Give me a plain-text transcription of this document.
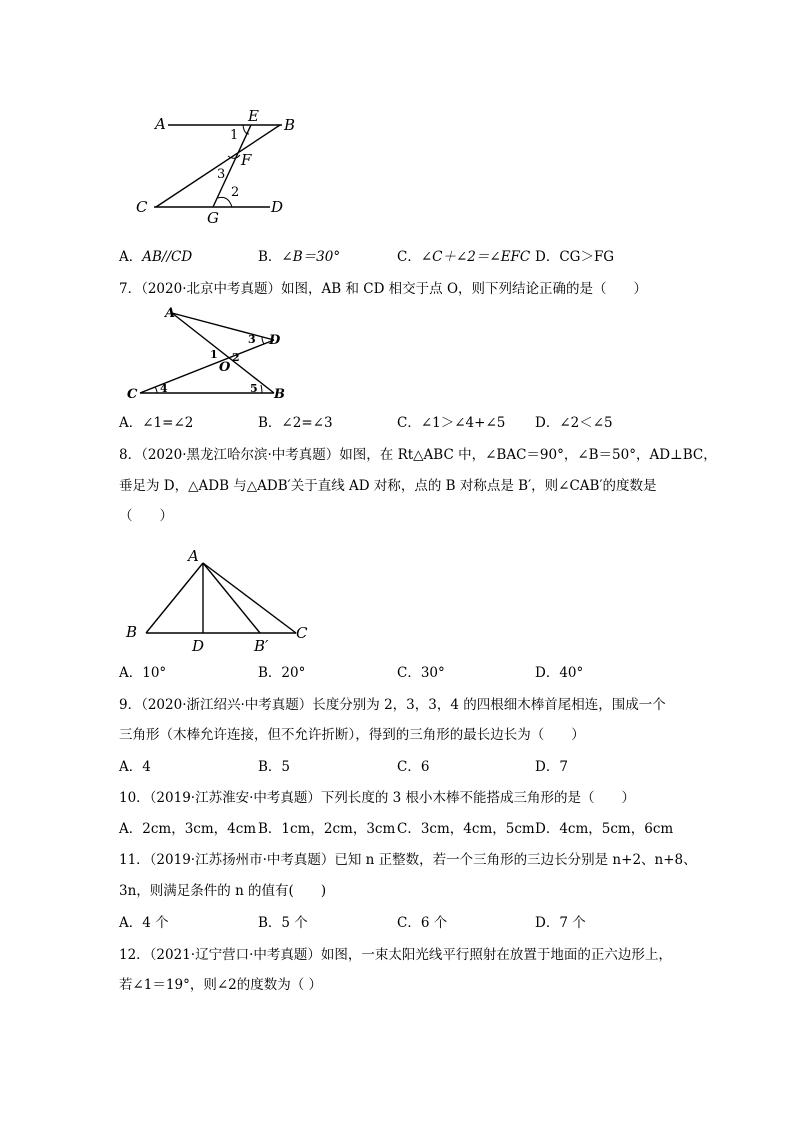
A	E B
1
F
3
2
C
G
D
A．AB//CD	B．∠B＝30°	C．∠C＋∠2＝∠EFC D．CG＞FG
7．（2020·北京中考真题）如图，AB 和 CD 相交于点 O，则下列结论正确的是（　　）
A
D
3
1 2
O
C 4	5 B
A．∠1=∠2	B．∠2=∠3	C．∠1＞∠4+∠5 D．∠2＜∠5
8．（2020·黑龙江哈尔滨·中考真题）如图，在 Rt△ABC 中，∠BAC＝90°，∠B＝50°，AD⊥BC，
垂足为 D，△ADB 与△ADB′关于直线 AD 对称，点的 B 对称点是 B′，则∠CAB′的度数是
（　　）
A
B
D	B′
C
A．10°	B．20°	C．30°	D．40°
9．（2020·浙江绍兴·中考真题）长度分别为 2，3，3，4 的四根细木棒首尾相连，围成一个
三角形（木棒允许连接，但不允许折断），得到的三角形的最长边长为（　　）
A．4	B．5	C．6	D．7
10．（2019·江苏淮安·中考真题）下列长度的 3 根小木棒不能搭成三角形的是（　　）
A．2cm，3cm，4cm B．1cm，2cm，3cm C．3cm，4cm，5cm D．4cm，5cm，6cm
11．（2019·江苏扬州市·中考真题）已知 n 正整数，若一个三角形的三边长分别是 n+2、n+8、
3n，则满足条件的 n 的值有(　　)
A．4 个	B．5 个	C．6 个	D．7 个
12．（2021·辽宁营口·中考真题）如图，一束太阳光线平行照射在放置于地面的正六边形上，
若∠1＝19°，则∠2的度数为（ ）
